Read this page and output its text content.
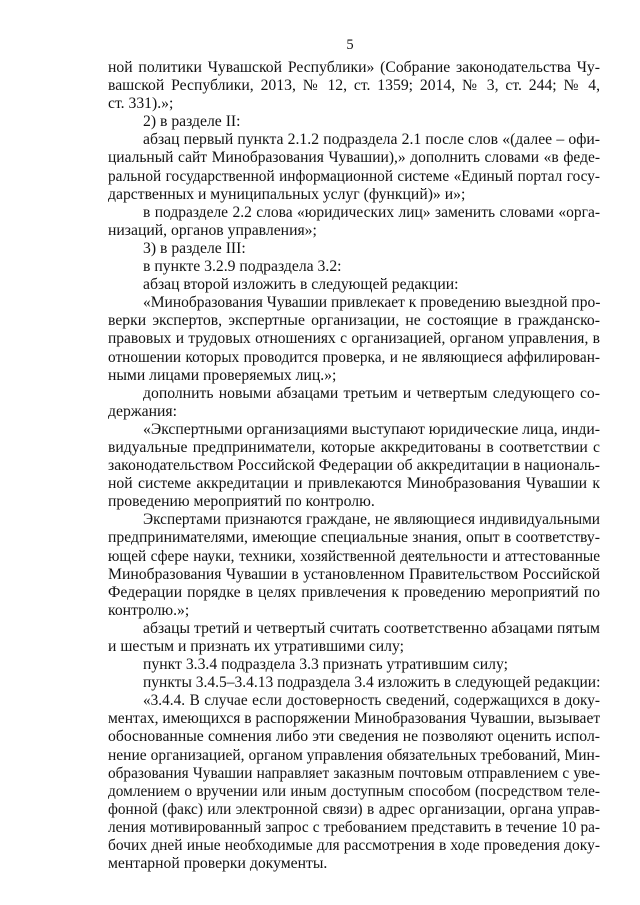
5
ной политики Чувашской Республики» (Собрание законодательства Чу-
вашской Республики, 2013, № 12, ст. 1359; 2014, № 3, ст. 244; № 4,
ст. 331).»;
2) в разделе II:
абзац первый пункта 2.1.2 подраздела 2.1 после слов «(далее – офи-
циальный сайт Минобразования Чувашии),» дополнить словами «в феде-
ральной государственной информационной системе «Единый портал госу-
дарственных и муниципальных услуг (функций)» и»;
в подразделе 2.2 слова «юридических лиц» заменить словами «орга-
низаций, органов управления»;
3) в разделе III:
в пункте 3.2.9 подраздела 3.2:
абзац второй изложить в следующей редакции:
«Минобразования Чувашии привлекает к проведению выездной про-
верки экспертов, экспертные организации, не состоящие в гражданско-
правовых и трудовых отношениях с организацией, органом управления, в
отношении которых проводится проверка, и не являющиеся аффилирован-
ными лицами проверяемых лиц.»;
дополнить новыми абзацами третьим и четвертым следующего со-
держания:
«Экспертными организациями выступают юридические лица, инди-
видуальные предприниматели, которые аккредитованы в соответствии с
законодательством Российской Федерации об аккредитации в националь-
ной системе аккредитации и привлекаются Минобразования Чувашии к
проведению мероприятий по контролю.
Экспертами признаются граждане, не являющиеся индивидуальными
предпринимателями, имеющие специальные знания, опыт в соответству-
ющей сфере науки, техники, хозяйственной деятельности и аттестованные
Минобразования Чувашии в установленном Правительством Российской
Федерации порядке в целях привлечения к проведению мероприятий по
контролю.»;
абзацы третий и четвертый считать соответственно абзацами пятым
и шестым и признать их утратившими силу;
пункт 3.3.4 подраздела 3.3 признать утратившим силу;
пункты 3.4.5–3.4.13 подраздела 3.4 изложить в следующей редакции:
«3.4.4. В случае если достоверность сведений, содержащихся в доку-
ментах, имеющихся в распоряжении Минобразования Чувашии, вызывает
обоснованные сомнения либо эти сведения не позволяют оценить испол-
нение организацией, органом управления обязательных требований, Мин-
образования Чувашии направляет заказным почтовым отправлением с уве-
домлением о вручении или иным доступным способом (посредством теле-
фонной (факс) или электронной связи) в адрес организации, органа управ-
ления мотивированный запрос с требованием представить в течение 10 ра-
бочих дней иные необходимые для рассмотрения в ходе проведения доку-
ментарной проверки документы.
